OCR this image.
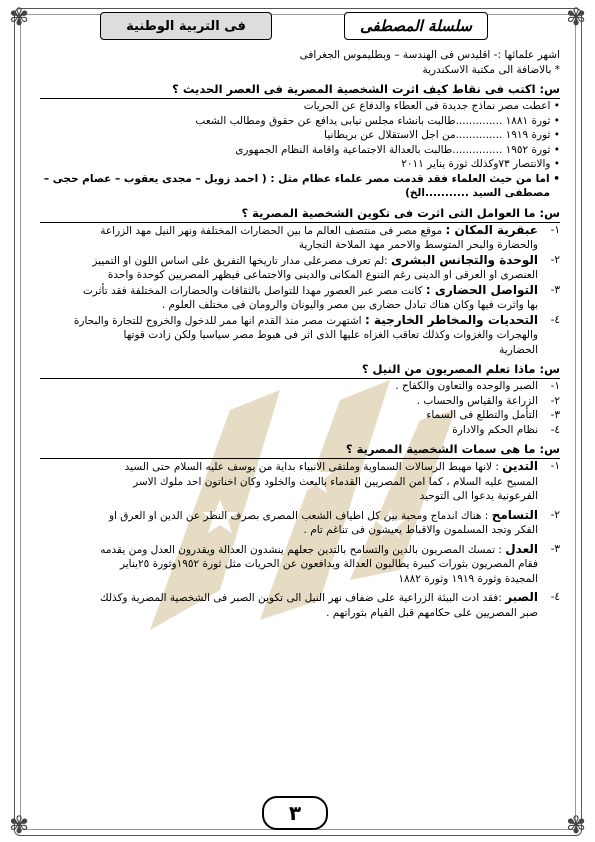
✾	✾
✾	✾
سلسلة المصطفى
فى التربية الوطنية
اشهر علمائها :- اقليدس فى الهندسة – وبطليموس الجغرافى
* بالاضافة الى مكتبة الاسكندرية
س: اكتب فى نقاط كيف اثرت الشخصية المصرية فى العصر الحديث ؟
• اعطت مصر نماذج جديدة فى العطاء والدفاع عن الحريات
• ثورة ١٨٨١ ..............طالبت بانشاء مجلس نيابى يدافع عن حقوق ومطالب الشعب
• ثورة ١٩١٩ ..............من اجل الاستقلال عن بريطانيا
• ثورة ١٩٥٢ ...............طالبت بالعدالة الاجتماعية واقامة النظام الجمهورى
• والانتصار ٧٣وكذلك ثورة يناير ٢٠١١
• اما من حيث العلماء فقد قدمت مصر علماء عظام مثل : ( احمد زويل – مجدى يعقوب – عصام حجى –
مصطفى السيد ...........الخ)
س: ما العوامل التى اثرت فى تكوين الشخصية المصرية ؟
١-
عبقرية المكان : موقع مصر فى منتصف العالم ما بين الحضارات المختلفة ونهر النيل مهد الزراعة
والحضارة والبحر المتوسط والاحمر مهد الملاحة التجارية
٢-
الوحدة والتجانس البشرى :لم تعرف مصرعلى مدار تاريخها التفريق على اساس اللون او التمييز
العنصرى او العرقى او الدينى رغم التنوع المكانى والدينى والاجتماعى فيظهر المصريين كوحدة واحدة
٣-
التواصل الحضارى : كانت مصر عبر العصور مهدا للتواصل بالثقافات والحضارات المختلفة فقد تأثرت
بها واثرت فيها وكان هناك تبادل حضارى بين مصر واليونان والرومان فى مختلف العلوم .
٤-
التحديات والمخاطر الخارجية : اشتهرت مصر منذ القدم انها ممر للدخول والخروج للتجارة والبحارة
والهجرات والغزوات وكذلك تعاقب الغزاه عليها الذى اثر فى هبوط مصر سياسيا ولكن زادت قوتها
الحضارية
س: ماذا تعلم المصريون من النيل ؟
١-
الصبر والوحده والتعاون والكفاح .
٢-
الزراعة والقياس والحساب .
٣-
التأمل والتطلع فى السماء
٤-
نظام الحكم والادارة
س: ما هى سمات الشخصية المصرية ؟
١-
التدين : لانها مهبط الرسالات السماوية وملتقى الانبياء بداية من يوسف عليه السلام حتى السيد
المسيح عليه السلام ، كما امن المصريين القدماء بالبعث والخلود وكان اخناتون احد ملوك الاسر
الفرعونية يدعوا الى التوحيد
٢-
التسامح : هناك اندماج ومحبة بين كل اطياف الشعب المصرى بصرف النظر عن الدين او العرق او
الفكر وتجد المسلمون والاقباط يعيشون فى تناغم تام .
٣-
العدل : تمسك المصريون بالدين والتسامح بالتدين جعلهم ينشدون العدالة ويقدرون العدل ومن يقدمه
فقام المصريون بثورات كبيرة يطالبون العدالة ويدافعون عن الحريات مثل ثورة ١٩٥٢وثورة ٢٥يناير
المجيدة وثورة ١٩١٩ وثورة ١٨٨٢
٤-
الصبر :فقد ادت البيئة الزراعية على ضفاف نهر النيل الى تكوين الصبر فى الشخصية المصرية وكذلك
صبر المصريين على حكامهم قبل القيام بثوراتهم .
٣
